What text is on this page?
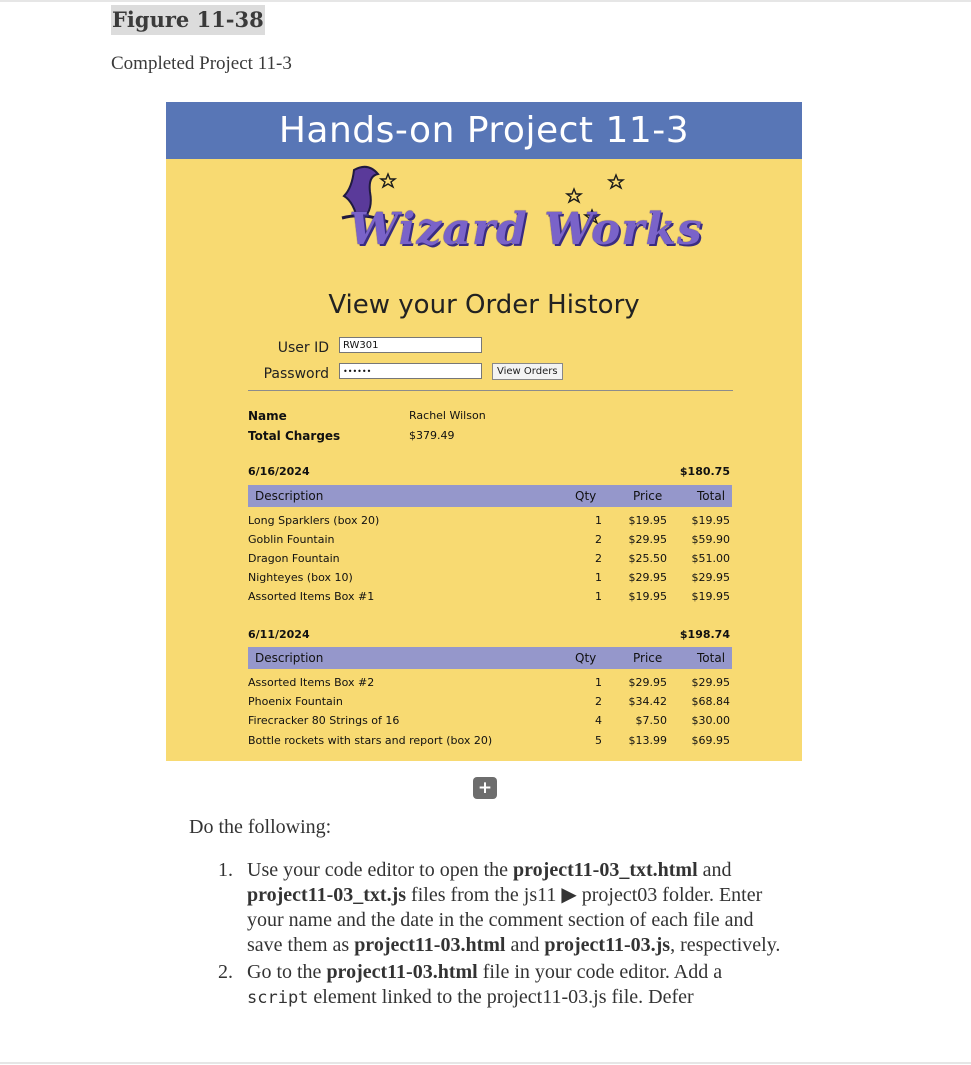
Figure 11-38
Completed Project 11-3
Hands-on Project 11-3
Wizard Works
View your Order History
User ID	RW301
Password	••••••	View Orders
Name	Rachel Wilson
Total Charges	$379.49
6/16/2024	$180.75
Description	Qty	Price	Total
Long Sparklers (box 20)	1	$19.95	$19.95
Goblin Fountain	2	$29.95	$59.90
Dragon Fountain	2	$25.50	$51.00
Nighteyes (box 10)	1	$29.95	$29.95
Assorted Items Box #1	1	$19.95	$19.95
6/11/2024	$198.74
Description	Qty	Price	Total
Assorted Items Box #2	1	$29.95	$29.95
Phoenix Fountain	2	$34.42	$68.84
Firecracker 80 Strings of 16	4	$7.50	$30.00
Bottle rockets with stars and report (box 20)	5	$13.99	$69.95
+
Do the following:
1. Use your code editor to open the project11-03_txt.html and project11-03_txt.js files from the js11 ▶ project03 folder. Enter your name and the date in the comment section of each file and save them as project11-03.html and project11-03.js, respectively.
2. Go to the project11-03.html file in your code editor. Add a script element linked to the project11-03.js file. Defer
